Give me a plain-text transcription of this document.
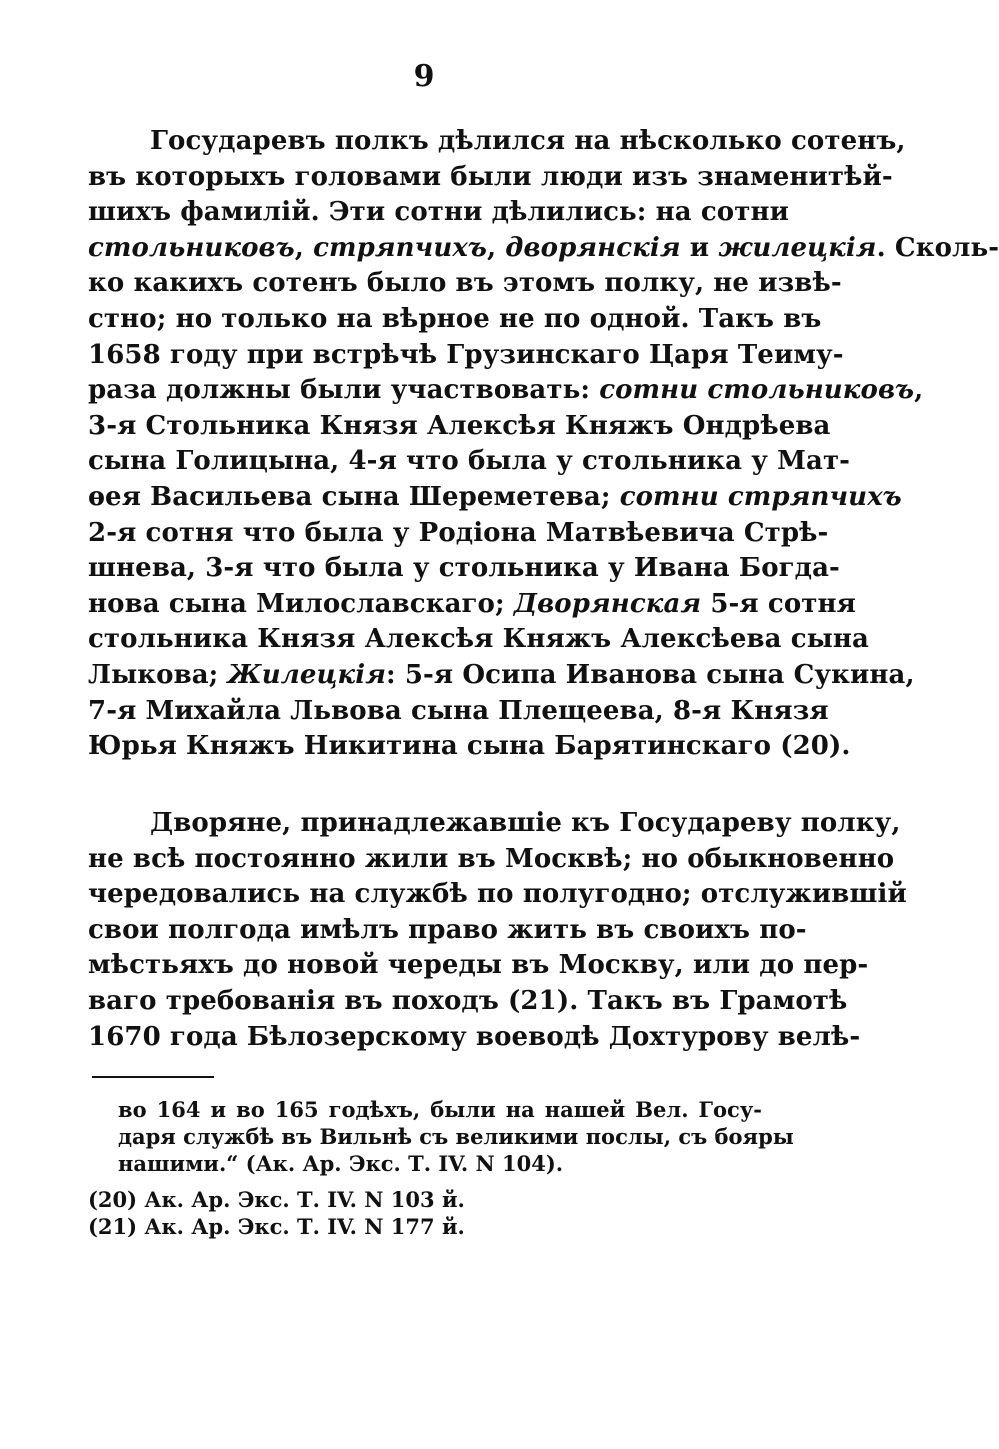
9
Государевъ полкъ дѣлился на нѣсколько сотенъ,
въ которыхъ головами были люди изъ знаменитѣй-
шихъ фамилій. Эти сотни дѣлились: на сотни
стольниковъ, стряпчихъ, дворянскія и жилецкія. Сколь-
ко какихъ сотенъ было въ этомъ полку, не извѣ-
стно; но только на вѣрное не по одной. Такъ въ
1658 году при встрѣчѣ Грузинскаго Царя Теиму-
раза должны были участвовать: сотни стольниковъ,
3-я Стольника Князя Алексѣя Княжъ Ондрѣева
сына Голицына, 4-я что была у стольника у Мат-
ѳея Васильева сына Шереметева; сотни стряпчихъ
2-я сотня что была у Родіона Матвѣевича Стрѣ-
шнева, 3-я что была у стольника у Ивана Богда-
нова сына Милославскаго; Дворянская 5-я сотня
стольника Князя Алексѣя Княжъ Алексѣева сына
Лыкова; Жилецкія: 5-я Осипа Иванова сына Сукина,
7-я Михайла Львова сына Плещеева, 8-я Князя
Юрья Княжъ Никитина сына Барятинскаго (20).
Дворяне, принадлежавшіе къ Государеву полку,
не всѣ постоянно жили въ Москвѣ; но обыкновенно
чередовались на службѣ по полугодно; отслужившій
свои полгода имѣлъ право жить въ своихъ по-
мѣстьяхъ до новой череды въ Москву, или до пер-
ваго требованія въ походъ (21). Такъ въ Грамотѣ
1670 года Бѣлозерскому воеводѣ Дохтурову велѣ-
во 164 и во 165 годѣхъ, были на нашей Вел. Госу-
даря службѣ въ Вильнѣ съ великими послы, съ бояры
нашими.“ (Ак. Ар. Экс. Т. IV. N 104).
(20) Ак. Ар. Экс. Т. IV. N 103 й.
(21) Ак. Ар. Экс. Т. IV. N 177 й.
